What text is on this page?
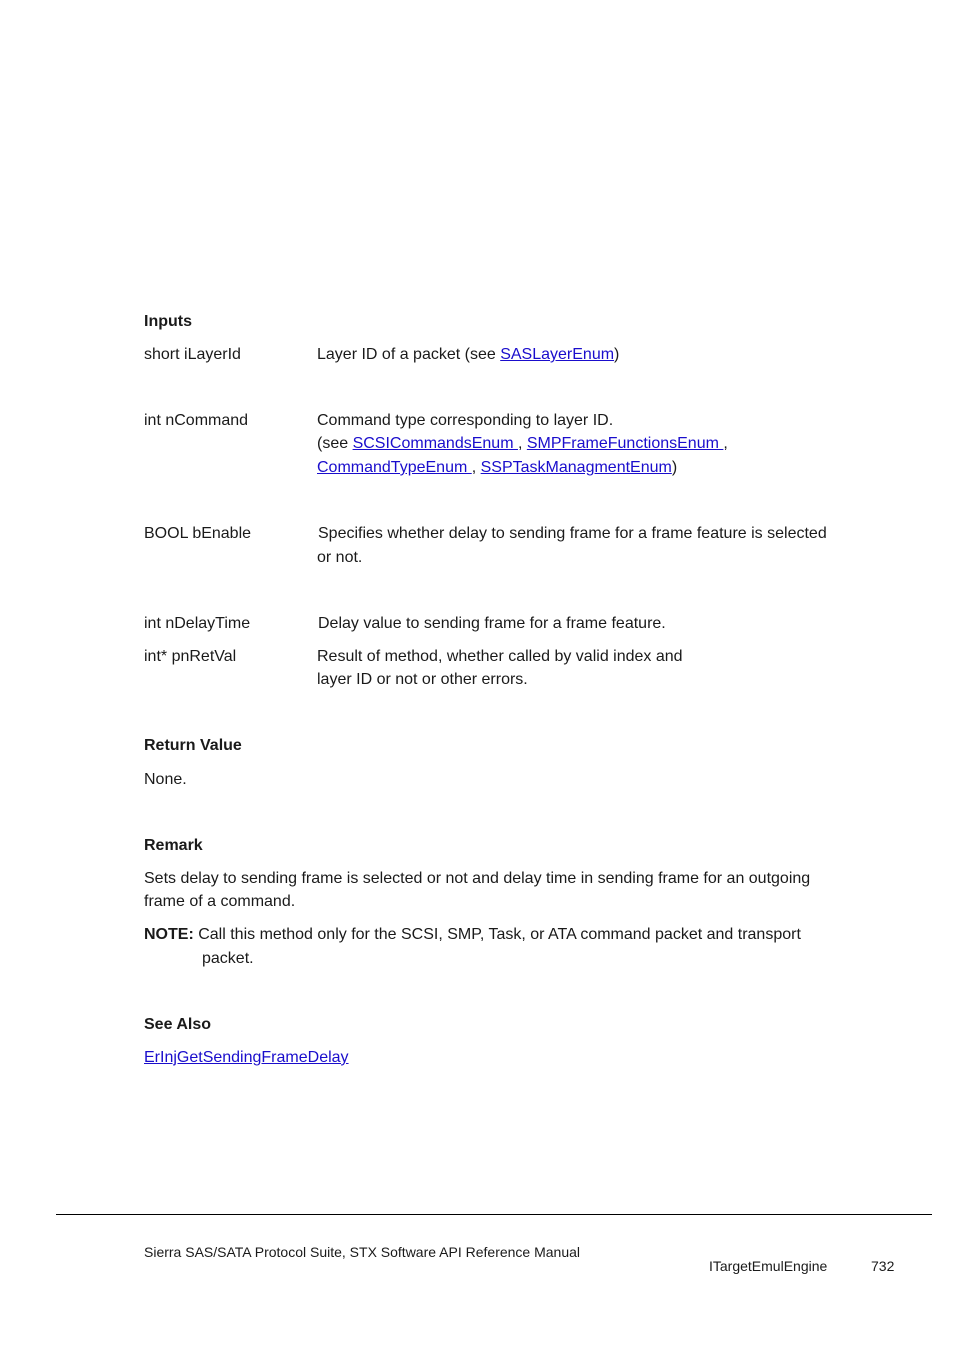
Inputs
short iLayerId	Layer ID of a packet (see SASLayerEnum)
int nCommand	Command type corresponding to layer ID.
(see SCSICommandsEnum , SMPFrameFunctionsEnum ,
CommandTypeEnum , SSPTaskManagmentEnum)
BOOL bEnable	Specifies whether delay to sending frame for a frame feature is selected
or not.
int nDelayTime	Delay value to sending frame for a frame feature.
int* pnRetVal	Result of method, whether called by valid index and
layer ID or not or other errors.
Return Value
None.
Remark
Sets delay to sending frame is selected or not and delay time in sending frame for an outgoing
frame of a command.
NOTE: Call this method only for the SCSI, SMP, Task, or ATA command packet and transport
packet.
See Also
ErInjGetSendingFrameDelay
Sierra SAS/SATA Protocol Suite, STX Software API Reference Manual
ITargetEmulEngine	732
